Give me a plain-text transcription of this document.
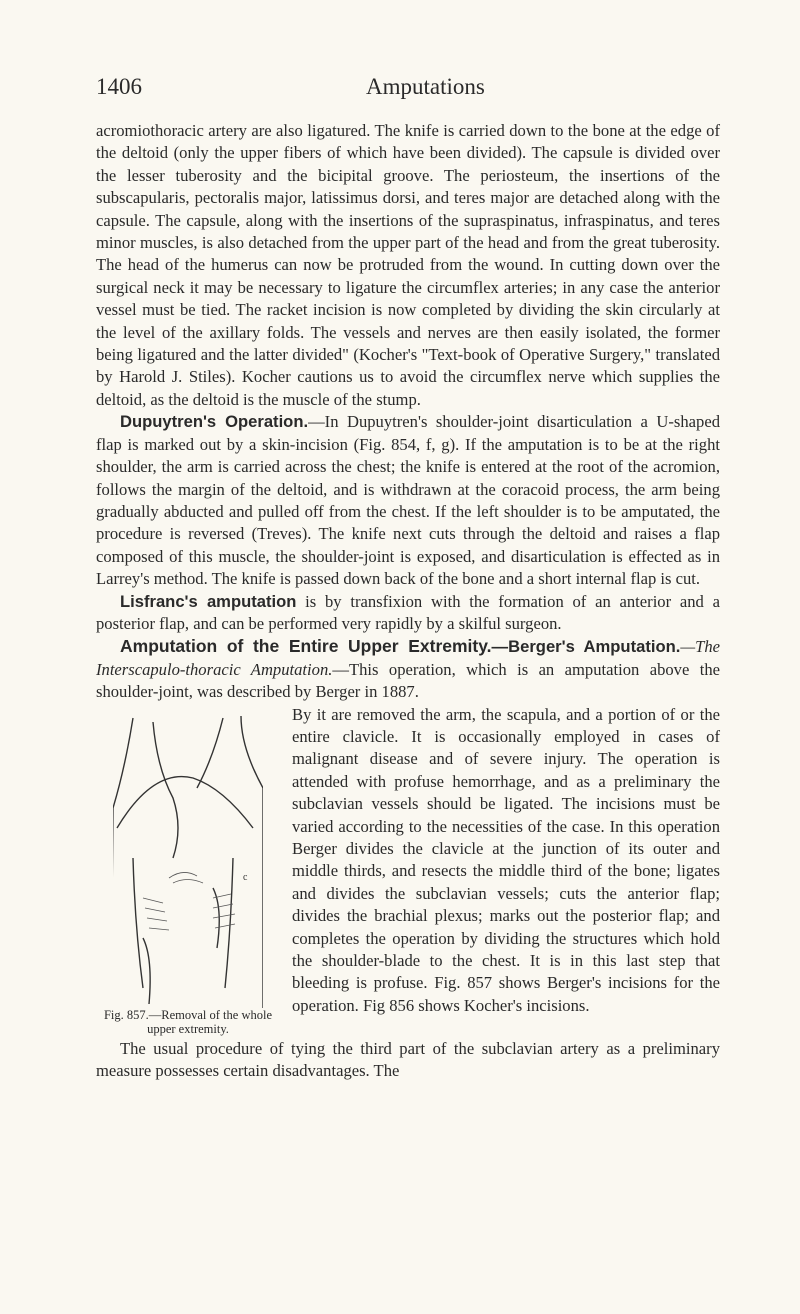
1406	Amputations

acromiothoracic artery are also ligatured. The knife is carried down to the bone at the edge of the deltoid (only the upper fibers of which have been divided). The capsule is divided over the lesser tuberosity and the bicipital groove. The periosteum, the insertions of the subscapularis, pectoralis major, latissimus dorsi, and teres major are detached along with the capsule. The capsule, along with the insertions of the supraspinatus, infraspinatus, and teres minor muscles, is also detached from the upper part of the head and from the great tuberosity. The head of the humerus can now be protruded from the wound. In cutting down over the surgical neck it may be necessary to ligature the circumflex arteries; in any case the anterior vessel must be tied. The racket incision is now completed by dividing the skin circularly at the level of the axillary folds. The vessels and nerves are then easily isolated, the former being ligatured and the latter divided" (Kocher's "Text-book of Operative Surgery," translated by Harold J. Stiles). Kocher cautions us to avoid the circumflex nerve which supplies the deltoid, as the deltoid is the muscle of the stump.

Dupuytren's Operation.—In Dupuytren's shoulder-joint disarticulation a U-shaped flap is marked out by a skin-incision (Fig. 854, f, g). If the amputation is to be at the right shoulder, the arm is carried across the chest; the knife is entered at the root of the acromion, follows the margin of the deltoid, and is withdrawn at the coracoid process, the arm being gradually abducted and pulled off from the chest. If the left shoulder is to be amputated, the procedure is reversed (Treves). The knife next cuts through the deltoid and raises a flap composed of this muscle, the shoulder-joint is exposed, and disarticulation is effected as in Larrey's method. The knife is passed down back of the bone and a short internal flap is cut.

Lisfranc's amputation is by transfixion with the formation of an anterior and a posterior flap, and can be performed very rapidly by a skilful surgeon.

Amputation of the Entire Upper Extremity.—Berger's Amputation.—The Interscapulo-thoracic Amputation.—This operation, which is an amputation above the shoulder-joint, was described by Berger in 1887.

c
Fig. 857.—Removal of the whole upper extremity.

By it are removed the arm, the scapula, and a portion of or the entire clavicle. It is occasionally employed in cases of malignant disease and of severe injury. The operation is attended with profuse hemorrhage, and as a preliminary the subclavian vessels should be ligated. The incisions must be varied according to the necessities of the case. In this operation Berger divides the clavicle at the junction of its outer and middle thirds, and resects the middle third of the bone; ligates and divides the subclavian vessels; cuts the anterior flap; divides the brachial plexus; marks out the posterior flap; and completes the operation by dividing the structures which hold the shoulder-blade to the chest. It is in this last step that bleeding is profuse. Fig. 857 shows Berger's incisions for the operation. Fig 856 shows Kocher's incisions.

The usual procedure of tying the third part of the subclavian artery as a preliminary measure possesses certain disadvantages. The
